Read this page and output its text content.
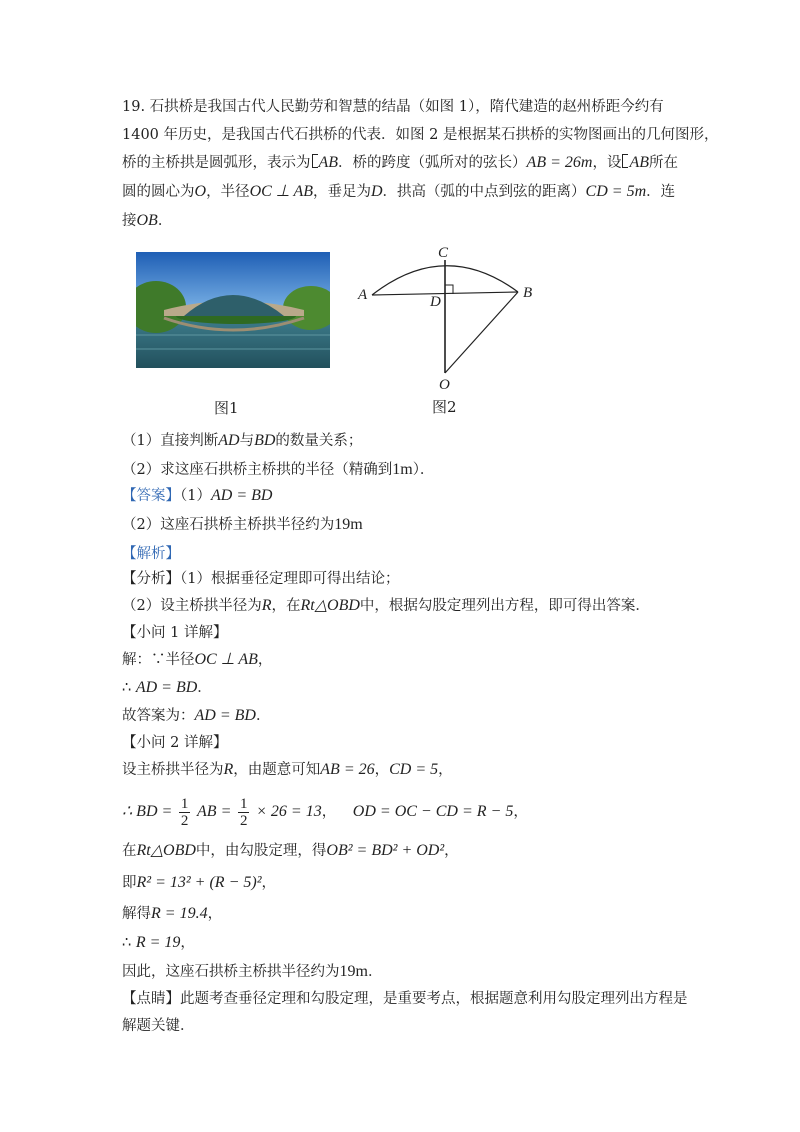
19. 石拱桥是我国古代人民勤劳和智慧的结晶（如图 1），隋代建造的赵州桥距今约有
1400 年历史，是我国古代石拱桥的代表．如图 2 是根据某石拱桥的实物图画出的几何图形，
桥的主桥拱是圆弧形，表示为 AB．桥的跨度（弧所对的弦长）AB = 26m，设 AB所在
圆的圆心为O，半径OC ⊥ AB，垂足为D．拱高（弧的中点到弦的距离）CD = 5m．连
接OB．
图1
C
A	D
B
O
图2
（1）直接判断AD与BD的数量关系；
（2）求这座石拱桥主桥拱的半径（精确到1m）．
【答案】（1）AD = BD
（2）这座石拱桥主桥拱半径约为19m
【解析】
【分析】（1）根据垂径定理即可得出结论；
（2）设主桥拱半径为R，在Rt△OBD中，根据勾股定理列出方程，即可得出答案．
【小问 1 详解】
解：∵半径OC ⊥ AB，
∴ AD = BD．
故答案为：AD = BD．
【小问 2 详解】
设主桥拱半径为R，由题意可知AB = 26，CD = 5，
∴ BD = $\frac{1}{2}$ AB = $\frac{1}{2} \times 26 = 13$， OD = OC − CD = R − 5，
在Rt△OBD中，由勾股定理，得OB² = BD² + OD²，
即R² = 13² + (R − 5)²，
解得R = 19.4，
∴ R = 19，
因此，这座石拱桥主桥拱半径约为19m．
【点睛】此题考查垂径定理和勾股定理，是重要考点，根据题意利用勾股定理列出方程是
解题关键．
